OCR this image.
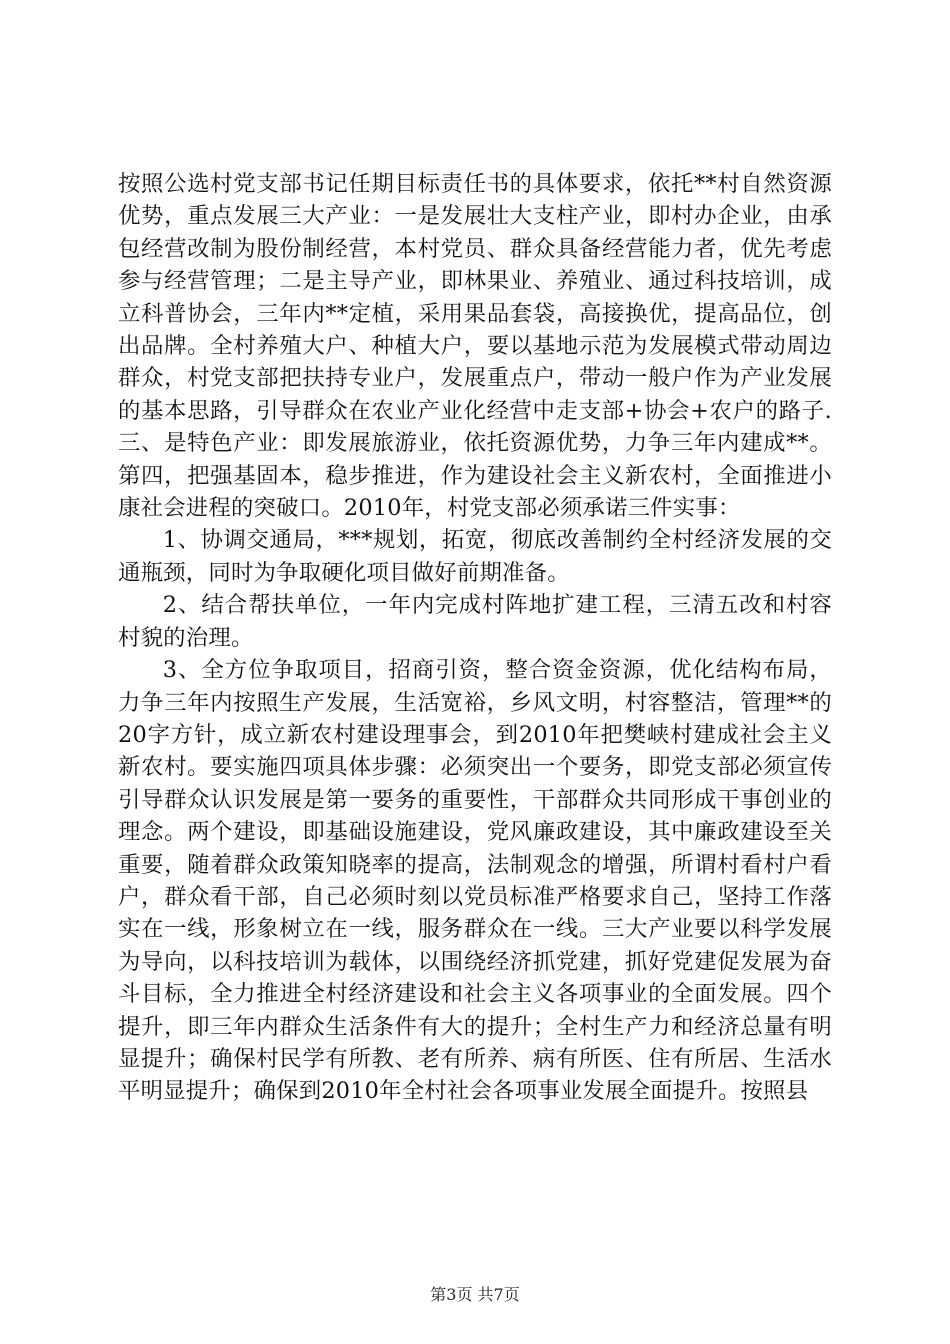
按照公选村党支部书记任期目标责任书的具体要求，依托**村自然资源优势，重点发展三大产业：一是发展壮大支柱产业，即村办企业，由承包经营改制为股份制经营，本村党员、群众具备经营能力者，优先考虑参与经营管理；二是主导产业，即林果业、养殖业、通过科技培训，成立科普协会，三年内**定植，采用果品套袋，高接换优，提高品位，创出品牌。全村养殖大户、种植大户，要以基地示范为发展模式带动周边群众，村党支部把扶持专业户，发展重点户，带动一般户作为产业发展的基本思路，引导群众在农业产业化经营中走支部+协会+农户的路子.三、是特色产业：即发展旅游业，依托资源优势，力争三年内建成**。第四，把强基固本，稳步推进，作为建设社会主义新农村，全面推进小康社会进程的突破口。2010年，村党支部必须承诺三件实事：

1、协调交通局，***规划，拓宽，彻底改善制约全村经济发展的交通瓶颈，同时为争取硬化项目做好前期准备。

2、结合帮扶单位，一年内完成村阵地扩建工程，三清五改和村容村貌的治理。

3、全方位争取项目，招商引资，整合资金资源，优化结构布局，力争三年内按照生产发展，生活宽裕，乡风文明，村容整洁，管理**的20字方针，成立新农村建设理事会，到2010年把樊峡村建成社会主义新农村。要实施四项具体步骤：必须突出一个要务，即党支部必须宣传引导群众认识发展是第一要务的重要性，干部群众共同形成干事创业的理念。两个建设，即基础设施建设，党风廉政建设，其中廉政建设至关重要，随着群众政策知晓率的提高，法制观念的增强，所谓村看村户看户，群众看干部，自己必须时刻以党员标准严格要求自己，坚持工作落实在一线，形象树立在一线，服务群众在一线。三大产业要以科学发展为导向，以科技培训为载体，以围绕经济抓党建，抓好党建促发展为奋斗目标，全力推进全村经济建设和社会主义各项事业的全面发展。四个提升，即三年内群众生活条件有大的提升；全村生产力和经济总量有明显提升；确保村民学有所教、老有所养、病有所医、住有所居、生活水平明显提升；确保到2010年全村社会各项事业发展全面提升。按照县

第3页 共7页
